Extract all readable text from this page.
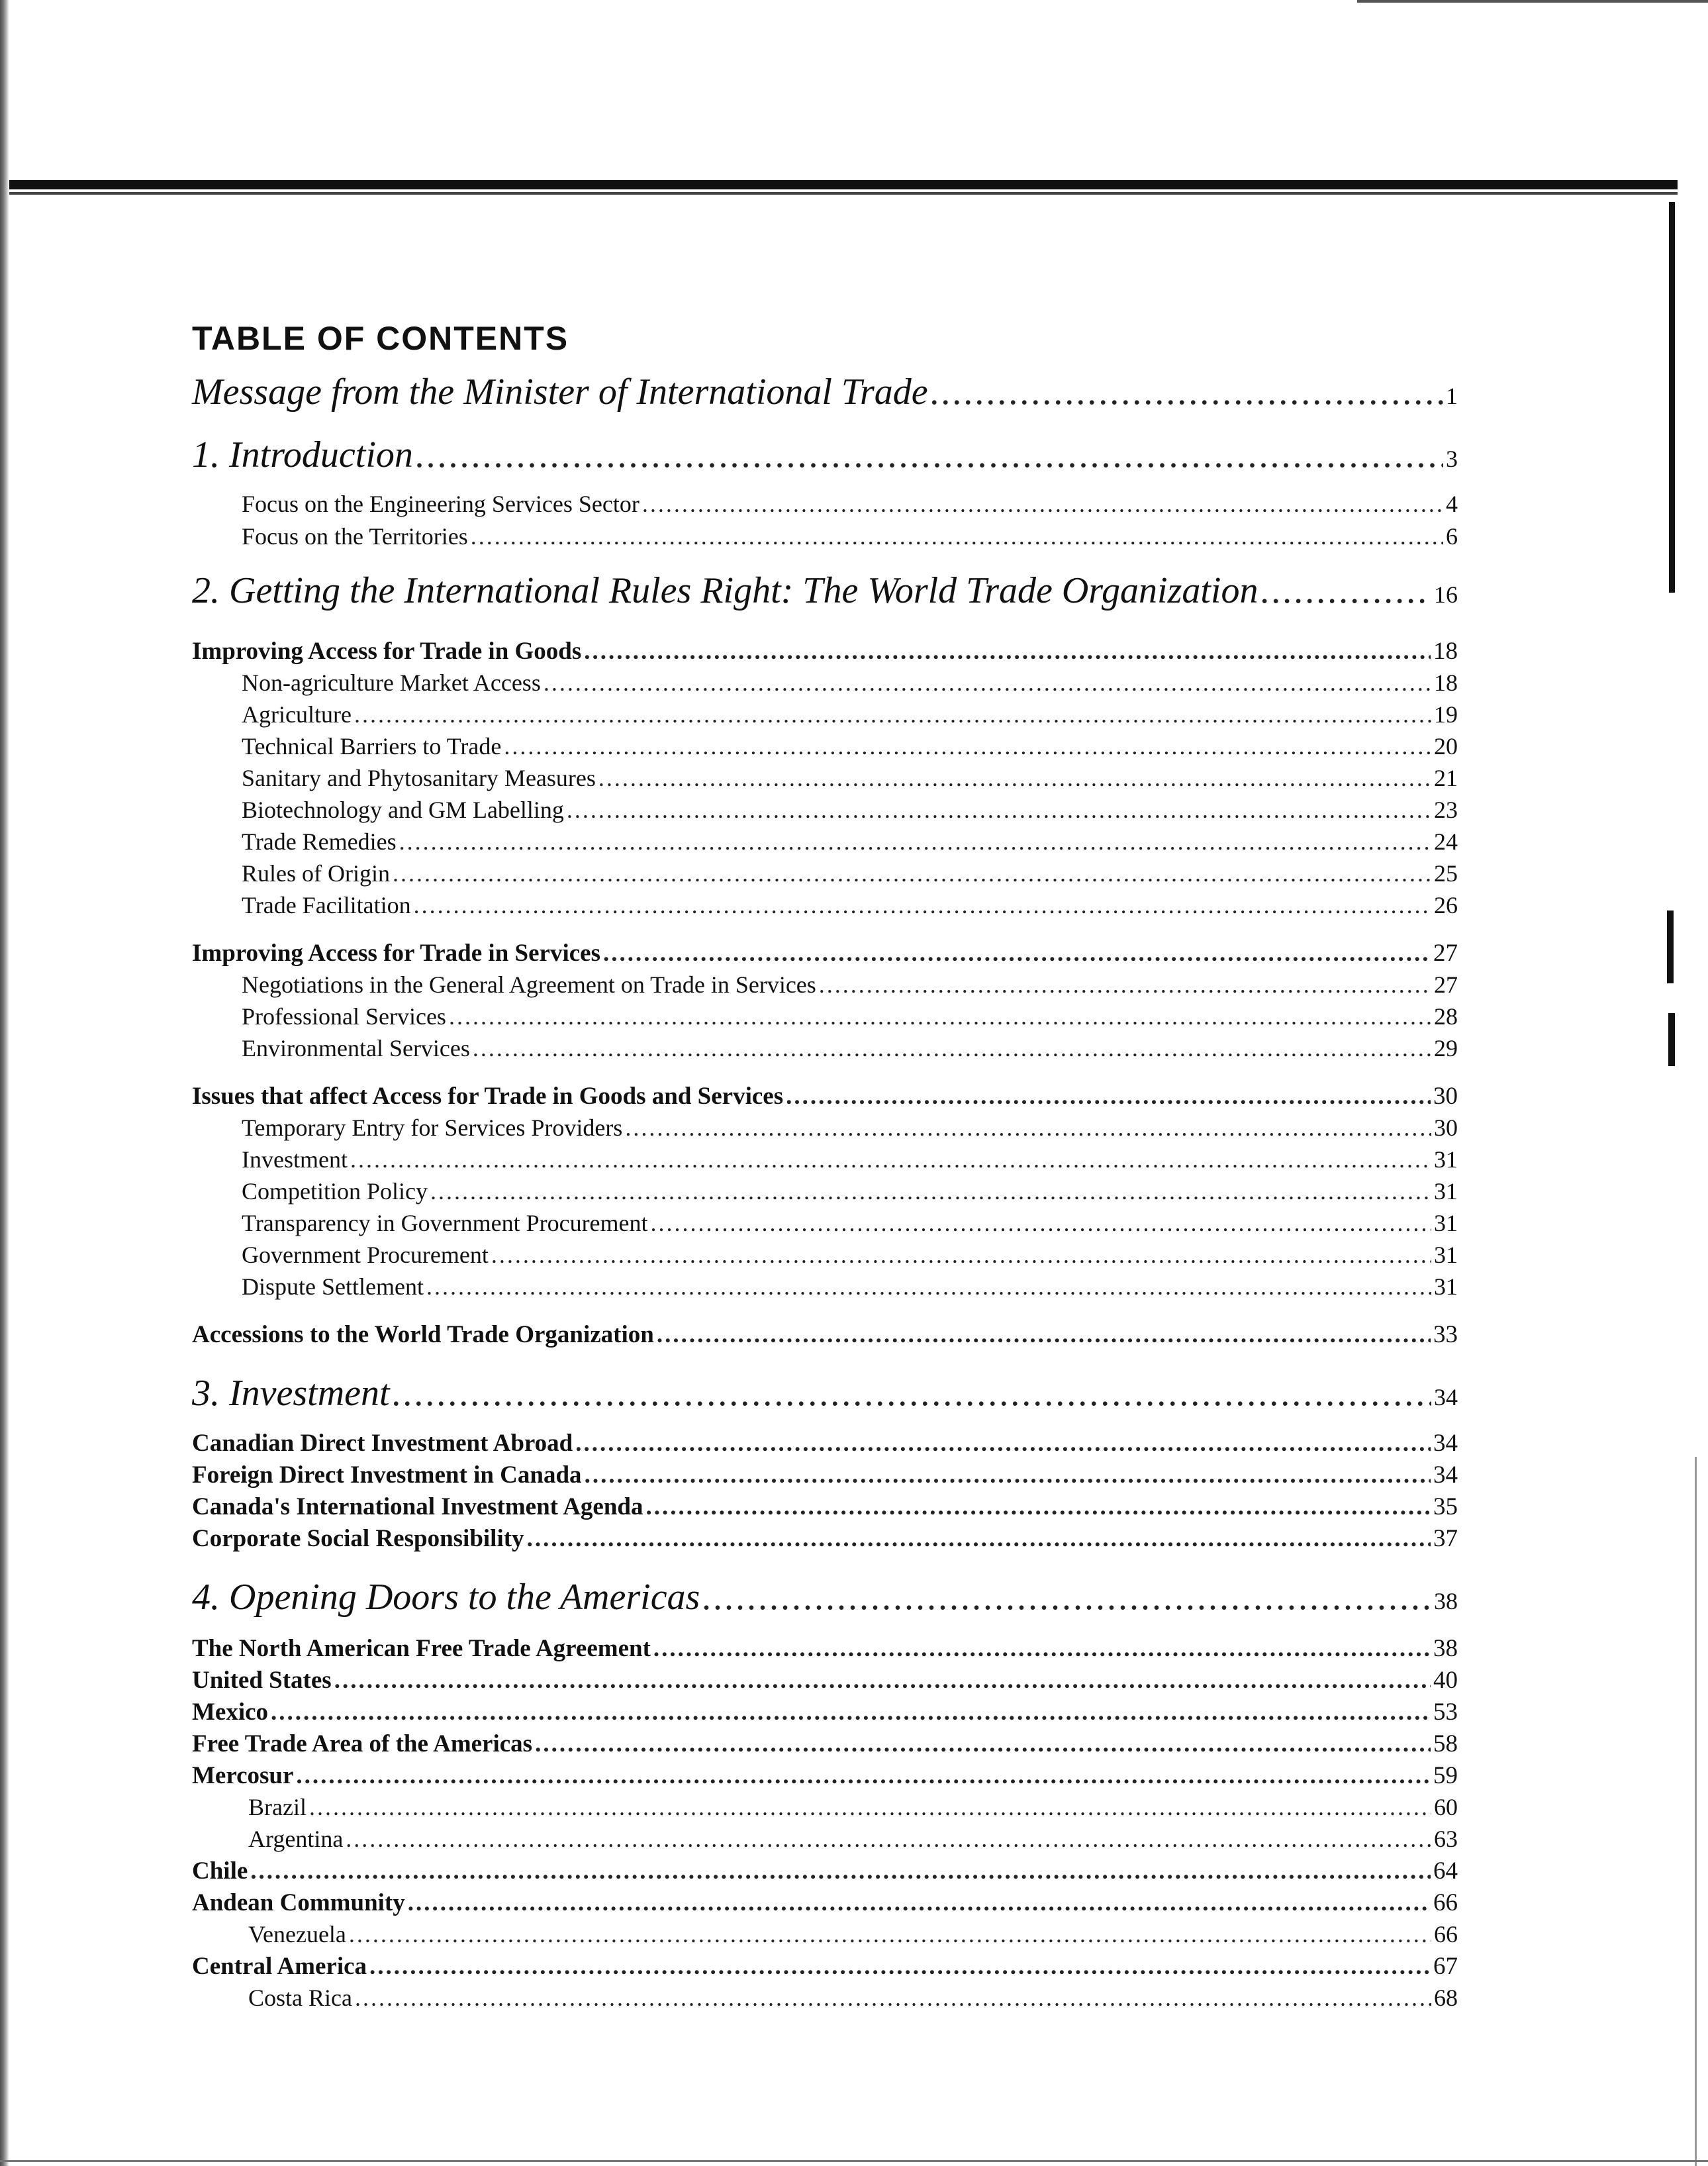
TABLE OF CONTENTS
Message from the Minister of International Trade .....	1
1. Introduction .....	3
Focus on the Engineering Services Sector .....	4
Focus on the Territories .....	6
2. Getting the International Rules Right: The World Trade Organization .....	16
Improving Access for Trade in Goods .....	18
Non-agriculture Market Access .....	18
Agriculture .....	19
Technical Barriers to Trade .....	20
Sanitary and Phytosanitary Measures .....	21
Biotechnology and GM Labelling .....	23
Trade Remedies .....	24
Rules of Origin .....	25
Trade Facilitation .....	26
Improving Access for Trade in Services .....	27
Negotiations in the General Agreement on Trade in Services .....	27
Professional Services .....	28
Environmental Services .....	29
Issues that affect Access for Trade in Goods and Services .....	30
Temporary Entry for Services Providers .....	30
Investment .....	31
Competition Policy .....	31
Transparency in Government Procurement .....	31
Government Procurement .....	31
Dispute Settlement .....	31
Accessions to the World Trade Organization .....	33
3. Investment .....	34
Canadian Direct Investment Abroad .....	34
Foreign Direct Investment in Canada .....	34
Canada's International Investment Agenda .....	35
Corporate Social Responsibility .....	37
4. Opening Doors to the Americas .....	38
The North American Free Trade Agreement .....	38
United States .....	40
Mexico .....	53
Free Trade Area of the Americas .....	58
Mercosur .....	59
Brazil .....	60
Argentina .....	63
Chile .....	64
Andean Community .....	66
Venezuela .....	66
Central America .....	67
Costa Rica .....	68
